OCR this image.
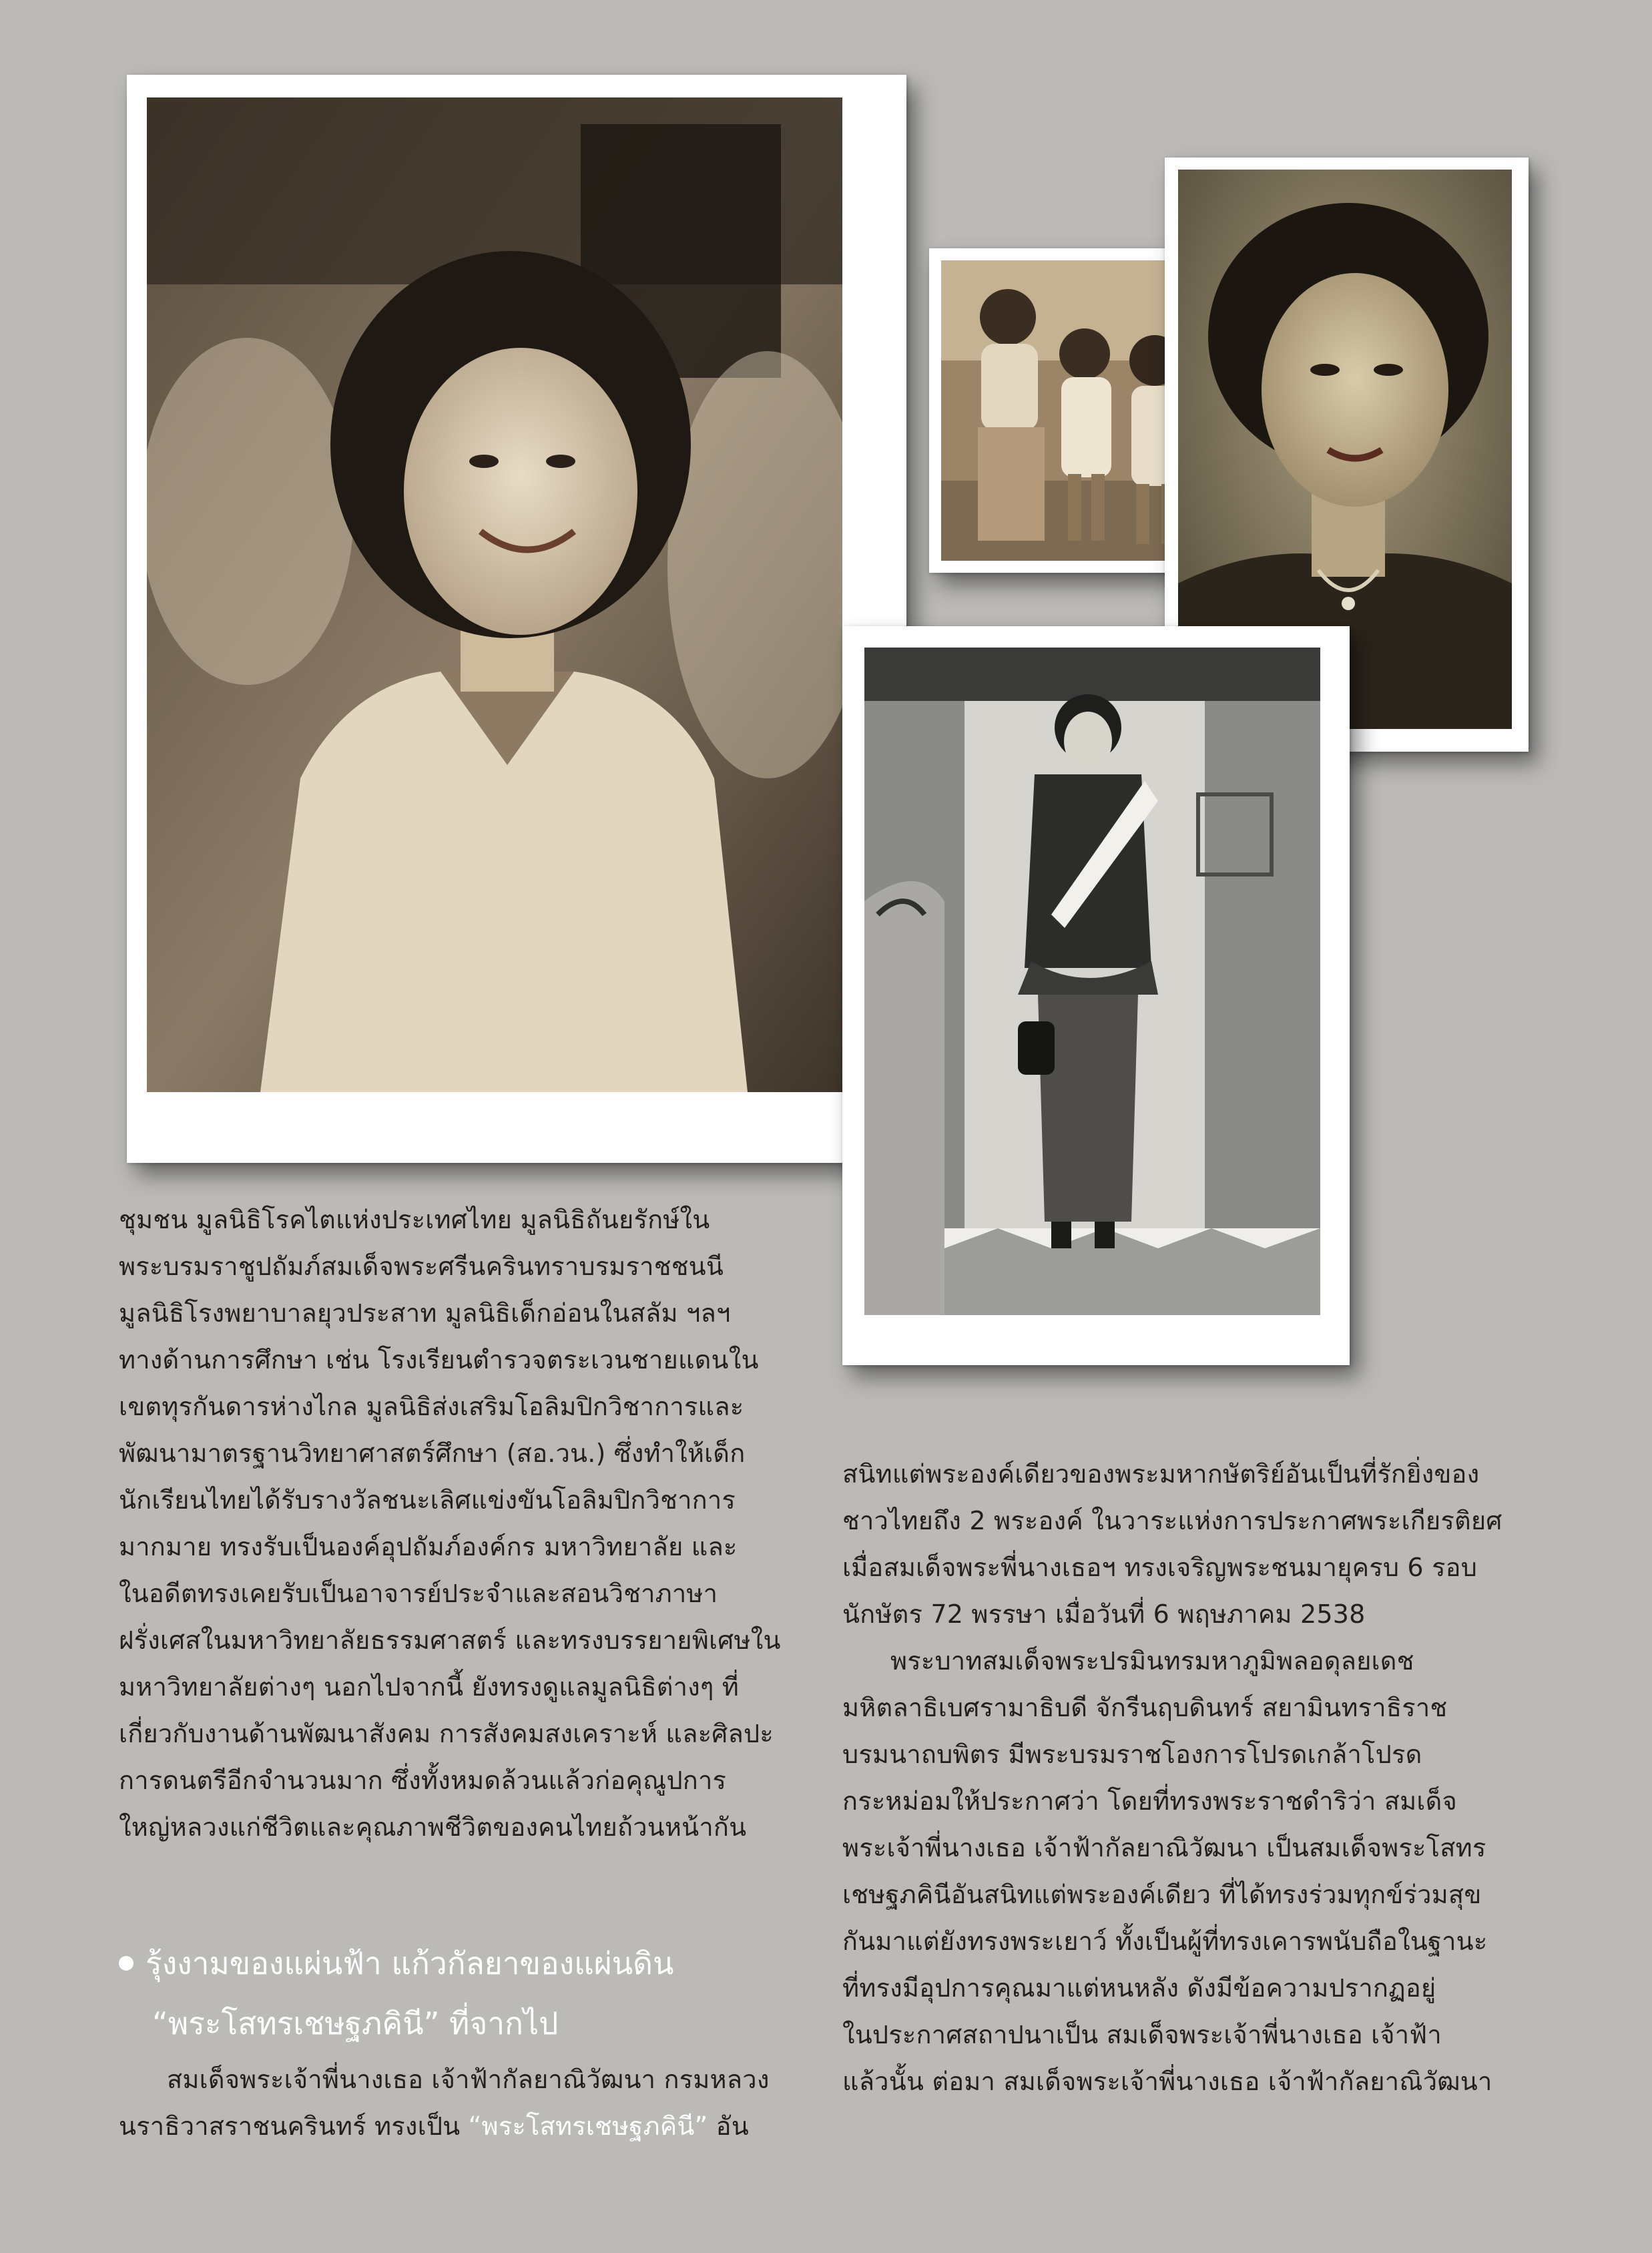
ชุมชน มูลนิธิโรคไตแห่งประเทศไทย มูลนิธิถันยรักษ์ใน

พระบรมราชูปถัมภ์สมเด็จพระศรีนครินทราบรมราชชนนี

มูลนิธิโรงพยาบาลยุวประสาท มูลนิธิเด็กอ่อนในสลัม ฯลฯ

ทางด้านการศึกษา เช่น โรงเรียนตำรวจตระเวนชายแดนใน

เขตทุรกันดารห่างไกล มูลนิธิส่งเสริมโอลิมปิกวิชาการและ

พัฒนามาตรฐานวิทยาศาสตร์ศึกษา (สอ.วน.) ซึ่งทำให้เด็ก

นักเรียนไทยได้รับรางวัลชนะเลิศแข่งขันโอลิมปิกวิชาการ

มากมาย ทรงรับเป็นองค์อุปถัมภ์องค์กร มหาวิทยาลัย และ

ในอดีตทรงเคยรับเป็นอาจารย์ประจำและสอนวิชาภาษา

ฝรั่งเศสในมหาวิทยาลัยธรรมศาสตร์ และทรงบรรยายพิเศษใน

มหาวิทยาลัยต่างๆ นอกไปจากนี้ ยังทรงดูแลมูลนิธิต่างๆ ที่

เกี่ยวกับงานด้านพัฒนาสังคม การสังคมสงเคราะห์ และศิลปะ

การดนตรีอีกจำนวนมาก ซึ่งทั้งหมดล้วนแล้วก่อคุณูปการ

ใหญ่หลวงแก่ชีวิตและคุณภาพชีวิตของคนไทยถ้วนหน้ากัน

รุ้งงามของแผ่นฟ้า แก้วกัลยาของแผ่นดิน
“พระโสทรเชษฐภคินี” ที่จากไป

สมเด็จพระเจ้าพี่นางเธอ เจ้าฟ้ากัลยาณิวัฒนา กรมหลวง

นราธิวาสราชนครินทร์ ทรงเป็น “พระโสทรเชษฐภคินี” อัน

สนิทแต่พระองค์เดียวของพระมหากษัตริย์อันเป็นที่รักยิ่งของ

ชาวไทยถึง 2 พระองค์ ในวาระแห่งการประกาศพระเกียรติยศ

เมื่อสมเด็จพระพี่นางเธอฯ ทรงเจริญพระชนมายุครบ 6 รอบ

นักษัตร 72 พรรษา เมื่อวันที่ 6 พฤษภาคม 2538

พระบาทสมเด็จพระปรมินทรมหาภูมิพลอดุลยเดช

มหิตลาธิเบศรามาธิบดี จักรีนฤบดินทร์ สยามินทราธิราช

บรมนาถบพิตร มีพระบรมราชโองการโปรดเกล้าโปรด

กระหม่อมให้ประกาศว่า โดยที่ทรงพระราชดำริว่า สมเด็จ

พระเจ้าพี่นางเธอ เจ้าฟ้ากัลยาณิวัฒนา เป็นสมเด็จพระโสทร

เชษฐภคินีอันสนิทแต่พระองค์เดียว ที่ได้ทรงร่วมทุกข์ร่วมสุข

กันมาแต่ยังทรงพระเยาว์ ทั้งเป็นผู้ที่ทรงเคารพนับถือในฐานะ

ที่ทรงมีอุปการคุณมาแต่หนหลัง ดังมีข้อความปรากฏอยู่

ในประกาศสถาปนาเป็น สมเด็จพระเจ้าพี่นางเธอ เจ้าฟ้า

แล้วนั้น ต่อมา สมเด็จพระเจ้าพี่นางเธอ เจ้าฟ้ากัลยาณิวัฒนา
